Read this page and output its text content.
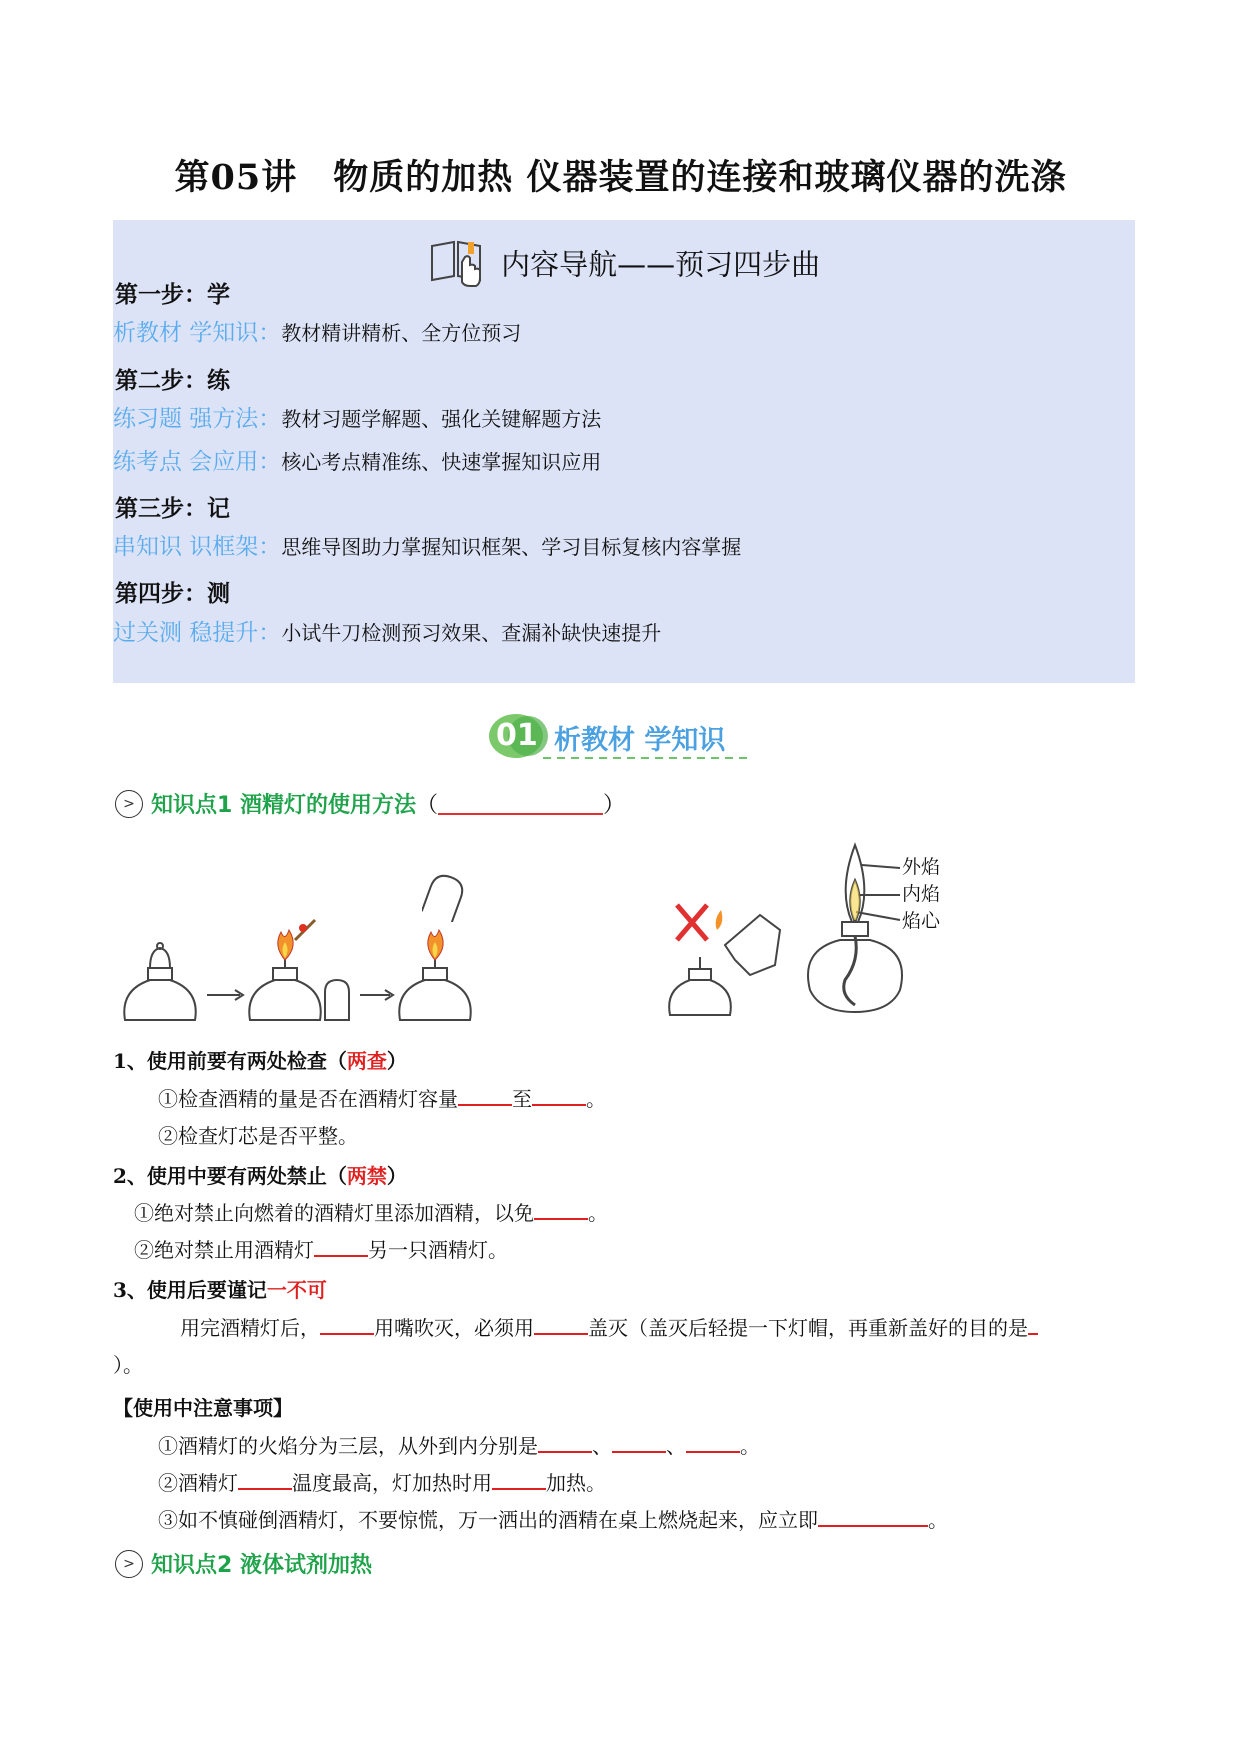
第05讲　物质的加热 仪器装置的连接和玻璃仪器的洗涤
内容导航——预习四步曲
第一步：学
析教材 学知识：教材精讲精析、全方位预习
第二步：练
练习题 强方法：教材习题学解题、强化关键解题方法
练考点 会应用：核心考点精准练、快速掌握知识应用
第三步：记
串知识 识框架：思维导图助力掌握知识框架、学习目标复核内容掌握
第四步：测
过关测 稳提升：小试牛刀检测预习效果、查漏补缺快速提升
01 析教材 学知识
> 知识点1 酒精灯的使用方法（	）
外焰
内焰
焰心
1、使用前要有两处检查（两查）
①检查酒精的量是否在酒精灯容量	至	。
②检查灯芯是否平整。
2、使用中要有两处禁止（两禁）
①绝对禁止向燃着的酒精灯里添加酒精，以免	。
②绝对禁止用酒精灯	另一只酒精灯。
3、使用后要谨记一不可
用完酒精灯后，	用嘴吹灭，必须用	盖灭（盖灭后轻提一下灯帽，再重新盖好的目的是
）。
【使用中注意事项】
①酒精灯的火焰分为三层，从外到内分别是	、	、	。
②酒精灯	温度最高，灯加热时用	加热。
③如不慎碰倒酒精灯，不要惊慌，万一洒出的酒精在桌上燃烧起来，应立即	。
> 知识点2 液体试剂加热
